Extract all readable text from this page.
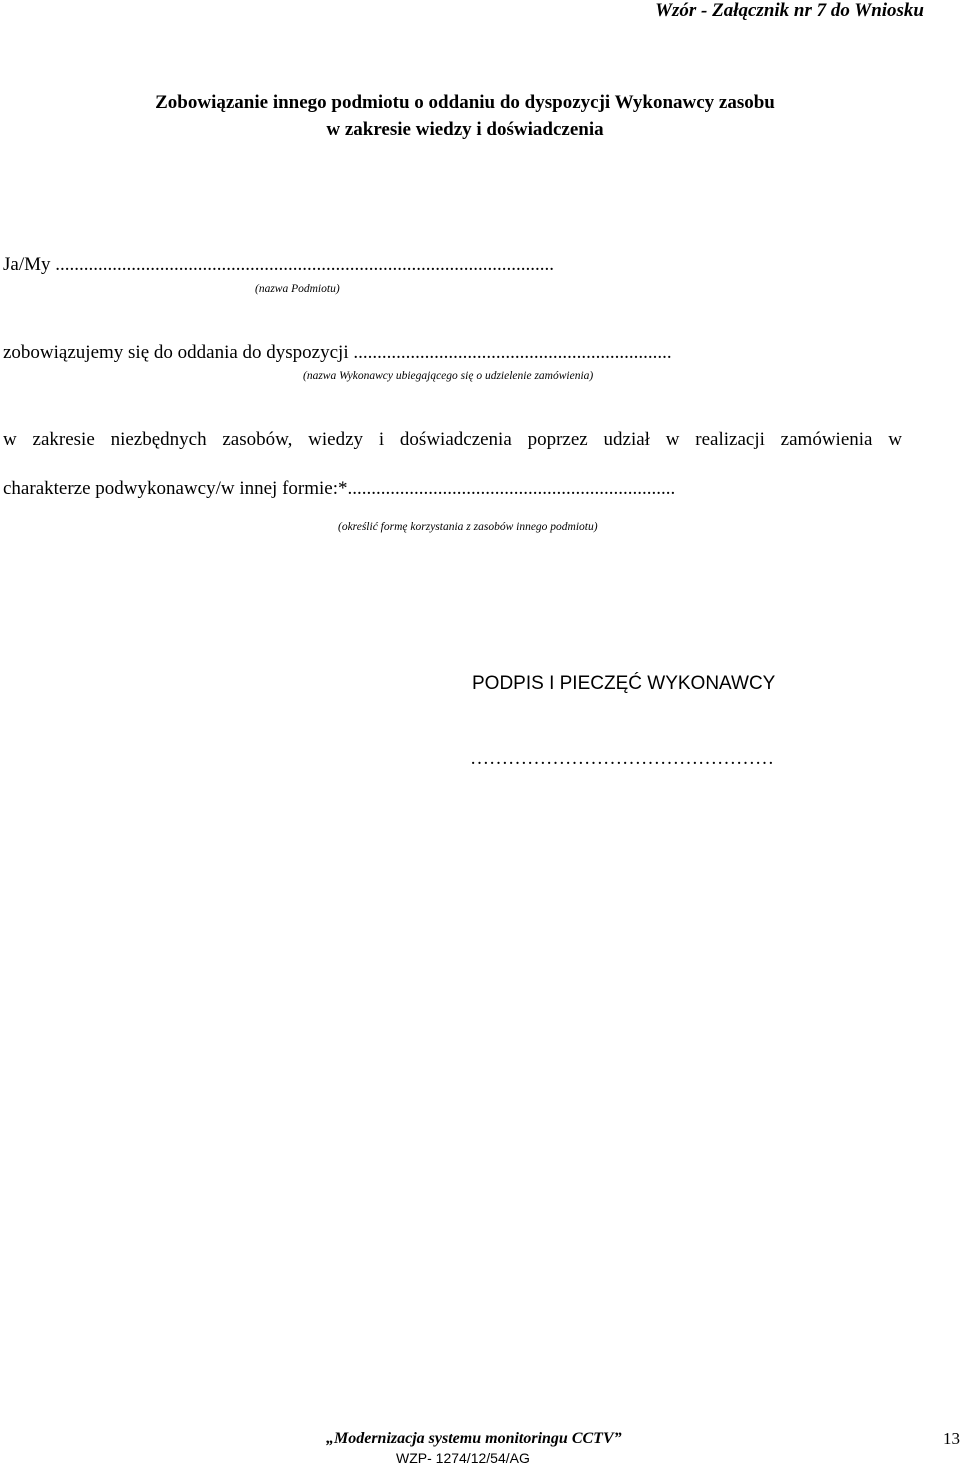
Wzór - Załącznik nr 7 do Wniosku
Zobowiązanie innego podmiotu o oddaniu do dyspozycji Wykonawcy zasobu
w zakresie wiedzy i doświadczenia
Ja/My .........................................................................................................
(nazwa Podmiotu)
zobowiązujemy się do oddania do dyspozycji ...................................................................
(nazwa Wykonawcy ubiegającego się o udzielenie zamówienia)
w zakresie niezbędnych zasobów, wiedzy i doświadczenia poprzez udział w realizacji zamówienia w
charakterze podwykonawcy/w innej formie:*.....................................................................
(określić formę korzystania z zasobów innego podmiotu)
PODPIS I PIECZĘĆ WYKONAWCY
…………………………………………
„Modernizacja systemu monitoringu CCTV”
WZP- 1274/12/54/AG
13
